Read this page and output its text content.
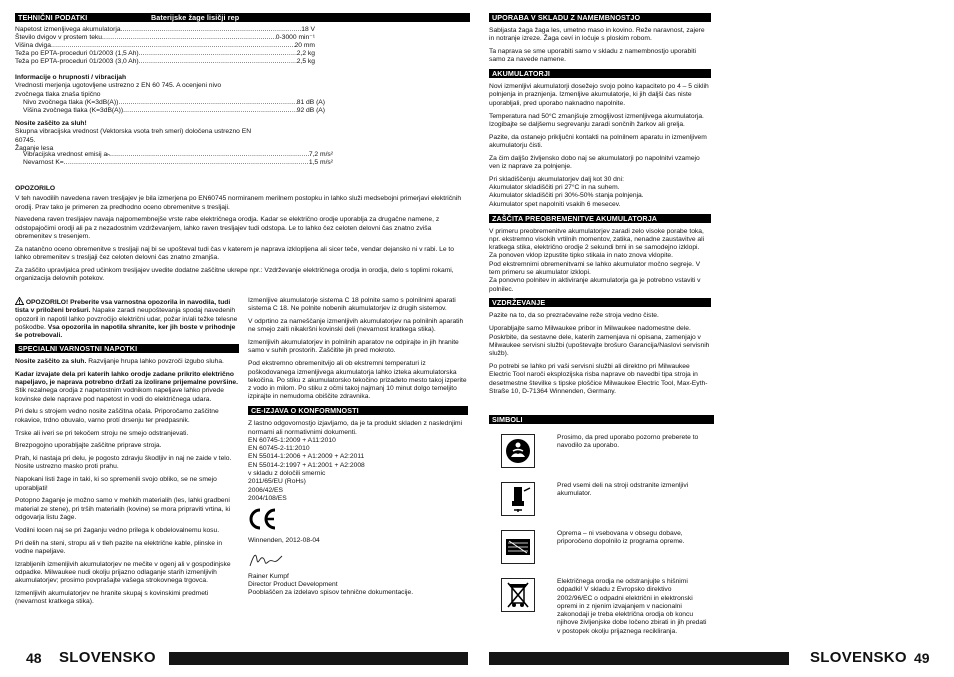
TEHNIČNI PODATKI	Baterijske žage lisičji rep
Napetost izmenljivega akumulatorja .....	18 V
Število dvigov v prostem teku .....	0-3000 min⁻¹
Višina dviga .....	20 mm
Teža po EPTA-proceduri 01/2003 (1,5 Ah) .....	2,2 kg
Teža po EPTA-proceduri 01/2003 (3,0 Ah) .....	2,5 kg
Informacije o hrupnosti / vibracijah
Vrednosti merjenja ugotovljene ustrezno z EN 60 745. A ocenjeni nivo zvočnega tlaka znaša tipično
Nivo zvočnega tlaka (K=3dB(A)) .....	81 dB (A)
Višina zvočnega tlaka (K=3dB(A)) .....	92 dB (A)
Nosite zaščito za sluh!
Skupna vibracijska vrednost (Vektorska vsota treh smeri) določena ustrezno EN 60745.
Žaganje lesa
Vibracijska vrednost emisij aₕ .....	7,2 m/s²
Nevarnost K= .....	1,5 m/s²
OPOZORILO

V teh navodilih navedena raven tresljajev je bila izmerjena po EN60745 normiranem merilnem postopku in lahko služi medsebojni primerjavi električnih orodij. Prav tako je primeren za predhodno oceno obremenitve s tresljaji.

Navedena raven tresljajev navaja najpomembnejše vrste rabe električnega orodja. Kadar se električno orodje uporablja za drugačne namene, z odstopajočimi orodji ali pa z nezadostnim vzdrževanjem, lahko raven tresljajev tudi odstopa. Le to lahko čez celoten delovni čas znatno zviša obremenitev s tresenjem.

Za natančno oceno obremenitve s tresljaji naj bi se upošteval tudi čas v katerem je naprava izklopljena ali sicer teče, vendar dejansko ni v rabi. Le to lahko obremenitev s tresljaji čez celoten delovni čas znatno zmanjša.

Za zaščito upravljalca pred učinkom tresljajev uvedite dodatne zaščitne ukrepe npr.: Vzdrževanje električnega orodja in orodja, delo s toplimi rokami, organizacija delovnih potekov.

OPOZORILO! Preberite vsa varnostna opozorila in navodila, tudi tista v priloženi brošuri. Napake zaradi neupoštevanja spodaj navedenih opozoril in napotil lahko povzročijo električni udar, požar in/ali težke telesne poškodbe. Vsa opozorila in napotila shranite, ker jih boste v prihodnje še potrebovali.

SPECIALNI VARNOSTNI NAPOTKI

Nosite zaščito za sluh. Razvijanje hrupa lahko povzroči izgubo sluha.

Kadar izvajate dela pri katerih lahko orodje zadane prikrito električno napeljavo, je naprava potrebno držati za izolirane prijemalne površine. Stik rezalnega orodja z napetostnim vodnikom napeljave lahko privede kovinske dele naprave pod napetost in vodi do električnega udara.

Pri delu s strojem vedno nosite zaščitna očala. Priporočamo zaščitne rokavice, trdno obuvalo, varno protí drsenju ter predpasnik.

Trske ali iveri se pri tekočem stroju ne smejo odstranjevati.

Brezpogojno uporabljajte zaščitne priprave stroja.

Prah, ki nastaja pri delu, je pogosto zdravju škodljiv in naj ne zaide v telo. Nosite ustrezno masko proti prahu.

Napokani listi žage in taki, ki so spremenili svojo obliko, se ne smejo uporabljati!

Potopno žaganje je možno samo v mehkih materialih (les, lahki gradbeni material ze stene), pri trših materialih (kovine) se mora pripraviti vrtina, ki odgovarja listu žage.

Vodilni locen naj se pri žaganju vedno prilega k obdelovalnemu kosu.

Pri delih na steni, stropu ali v tleh pazite na električne kable, plinske in vodne napeljave.

Izrabljenih izmenljivih akumulatorjev ne mečite v ogenj ali v gospodinjske odpadke. Milwaukee nudi okolju prijazno odlaganje starih izmenljivih akumulatorjev; prosimo povprašajte vašega strokovnega trgovca.

Izmenljivih akumulatorjev ne hranite skupaj s kovinskimi predmeti (nevarnost kratkega stika).

Izmenljive akumulatorje sistema C 18 polnite samo s polnilnimi aparati sistema C 18. Ne polnite nobenih akumulatorjev iz drugih sistemov.

V odprtino za nameščanje izmenljivih akumulatorjev na polnilnih aparatih ne smejo zaiti nikakršni kovinski deli (nevarnost kratkega stika).

Izmenljivih akumulatorjev in polnilnih aparatov ne odpirajte in jih hranite samo v suhih prostorih. Zaščitite jih pred mokroto.

Pod ekstremno obremenitvijo ali ob ekstremni temperaturi iz poškodovanega izmenljivega akumulatorja lahko izteka akumulatorska tekočina. Po stiku z akumulatorsko tekočino prizadeto mesto takoj izperite z vodo in milom. Po stiku z očmi takoj najmanj 10 minut dolgo temeljito izpirajte in nemudoma obiščite zdravnika.

CE-IZJAVA O KONFORMNOSTI

Z lastno odgovornostjo izjavljamo, da je ta produkt skladen z naslednjimi normami ali normativnimi dokumenti.

EN 60745-1:2009 + A11:2010
EN 60745-2-11:2010
EN 55014-1:2006 + A1:2009 + A2:2011
EN 55014-2:1997 + A1:2001 + A2:2008
v skladu z določili smernic
2011/65/EU (RoHs)
2006/42/ES
2004/108/ES
Winnenden, 2012-08-04
Rainer Kumpf
Director Product Development
Pooblaščen za izdelavo spisov tehnične dokumentacije.
48 SLOVENSKO
UPORABA V SKLADU Z NAMEMBNOSTJO

Sabljasta žaga žaga les, umetno maso in kovino. Reže naravnost, zajere in notranje izreze. Žaga ceví in ločuje s ploskim robom.

Ta naprava se sme uporabiti samo v skladu z namembnostjo uporabiti samo za navede namene.

AKUMULATORJI

Novi izmenljivi akumulatorji dosežejo svojo polno kapaciteto po 4 – 5 ciklih polnjenja in praznjenja. Izmenljive akumulatorje, ki jih daljši čas niste uporabljali, pred uporabo naknadno napolnite.

Temperatura nad 50°C zmanjšuje zmogljivost izmenljivega akumulatorja. Izogibajte se daljšemu segrevanju zaradi sončnih žarkov ali grelja.

Pazite, da ostanejo priključni kontakti na polnilnem aparatu in izmenljivem akumulatorju čisti.

Za čim daljšo življensko dobo naj se akumulatorji po napolnitvi vzamejo ven iz naprave za polnjenje.

Pri skladiščenju akumulatorjev dalj kot 30 dni:
Akumulator skladiščiti pri 27°C in na suhem.
Akumulator skladiščiti pri 30%-50% stanja polnjenja.
Akumulator spet napolniti vsakih 6 mesecev.

ZAŠČITA PREOBREMENITVE AKUMULATORJA

V primeru preobremenitve akumulatorjev zaradi zelo visoke porabe toka, npr. ekstremno visokih vrtilnih momentov, zatika, nenadne zaustavitve ali kratkega stika, električno orodje 2 sekundi brni in se samodejno izklopi.
Za ponoven vklop izpustite tipko stikala in nato znova vklopite.
Pod ekstremnimi obremenitvami se lahko akumulator močno segreje. V tem primeru se akumulator izklopi.
Za ponovno polnitev in aktiviranje akumulatorja ga je potrebno vstaviti v polnilec.

VZDRŽEVANJE

Pazite na to, da so prezračevalne reže stroja vedno čiste.

Uporabljajte samo Milwaukee pribor in Milwaukee nadomestne dele. Poskrbite, da sestavne dele, katerih zamenjava ni opisana, zamenjajo v Milwaukee servisni službi (upoštevajte brošuro Garancija/Naslovi servisnih služb).

Po potrebi se lahko pri vaši servisni službi ali direktno pri Milwaukee Electric Tool naroči eksplozijska risba naprave ob navedbi tipa stroja in desetmestne številke s tipske ploščice Milwaukee Electric Tool, Max-Eyth-Straße 10, D-71364 Winnenden, Germany.

SIMBOLI
Prosimo, da pred uporabo pozorno preberete to navodilo za uporabo.
Pred vsemi deli na stroji odstranite izmenljivi akumulator.
Oprema – ni vsebovana v obsegu dobave, priporočeno dopolnilo iz programa opreme.
Električnega orodja ne odstranjujte s hišnimi odpadki! V skladu z Evropsko direktivo 2002/96/EC o odpadni električni in elektronski opremi in z njenim izvajanjem v nacionalni zakonodaji je treba električna orodja ob koncu njihove življenjske dobe ločeno zbirati in jih predati v postopek okolju prijaznega recikliranja.
SLOVENSKO 49
